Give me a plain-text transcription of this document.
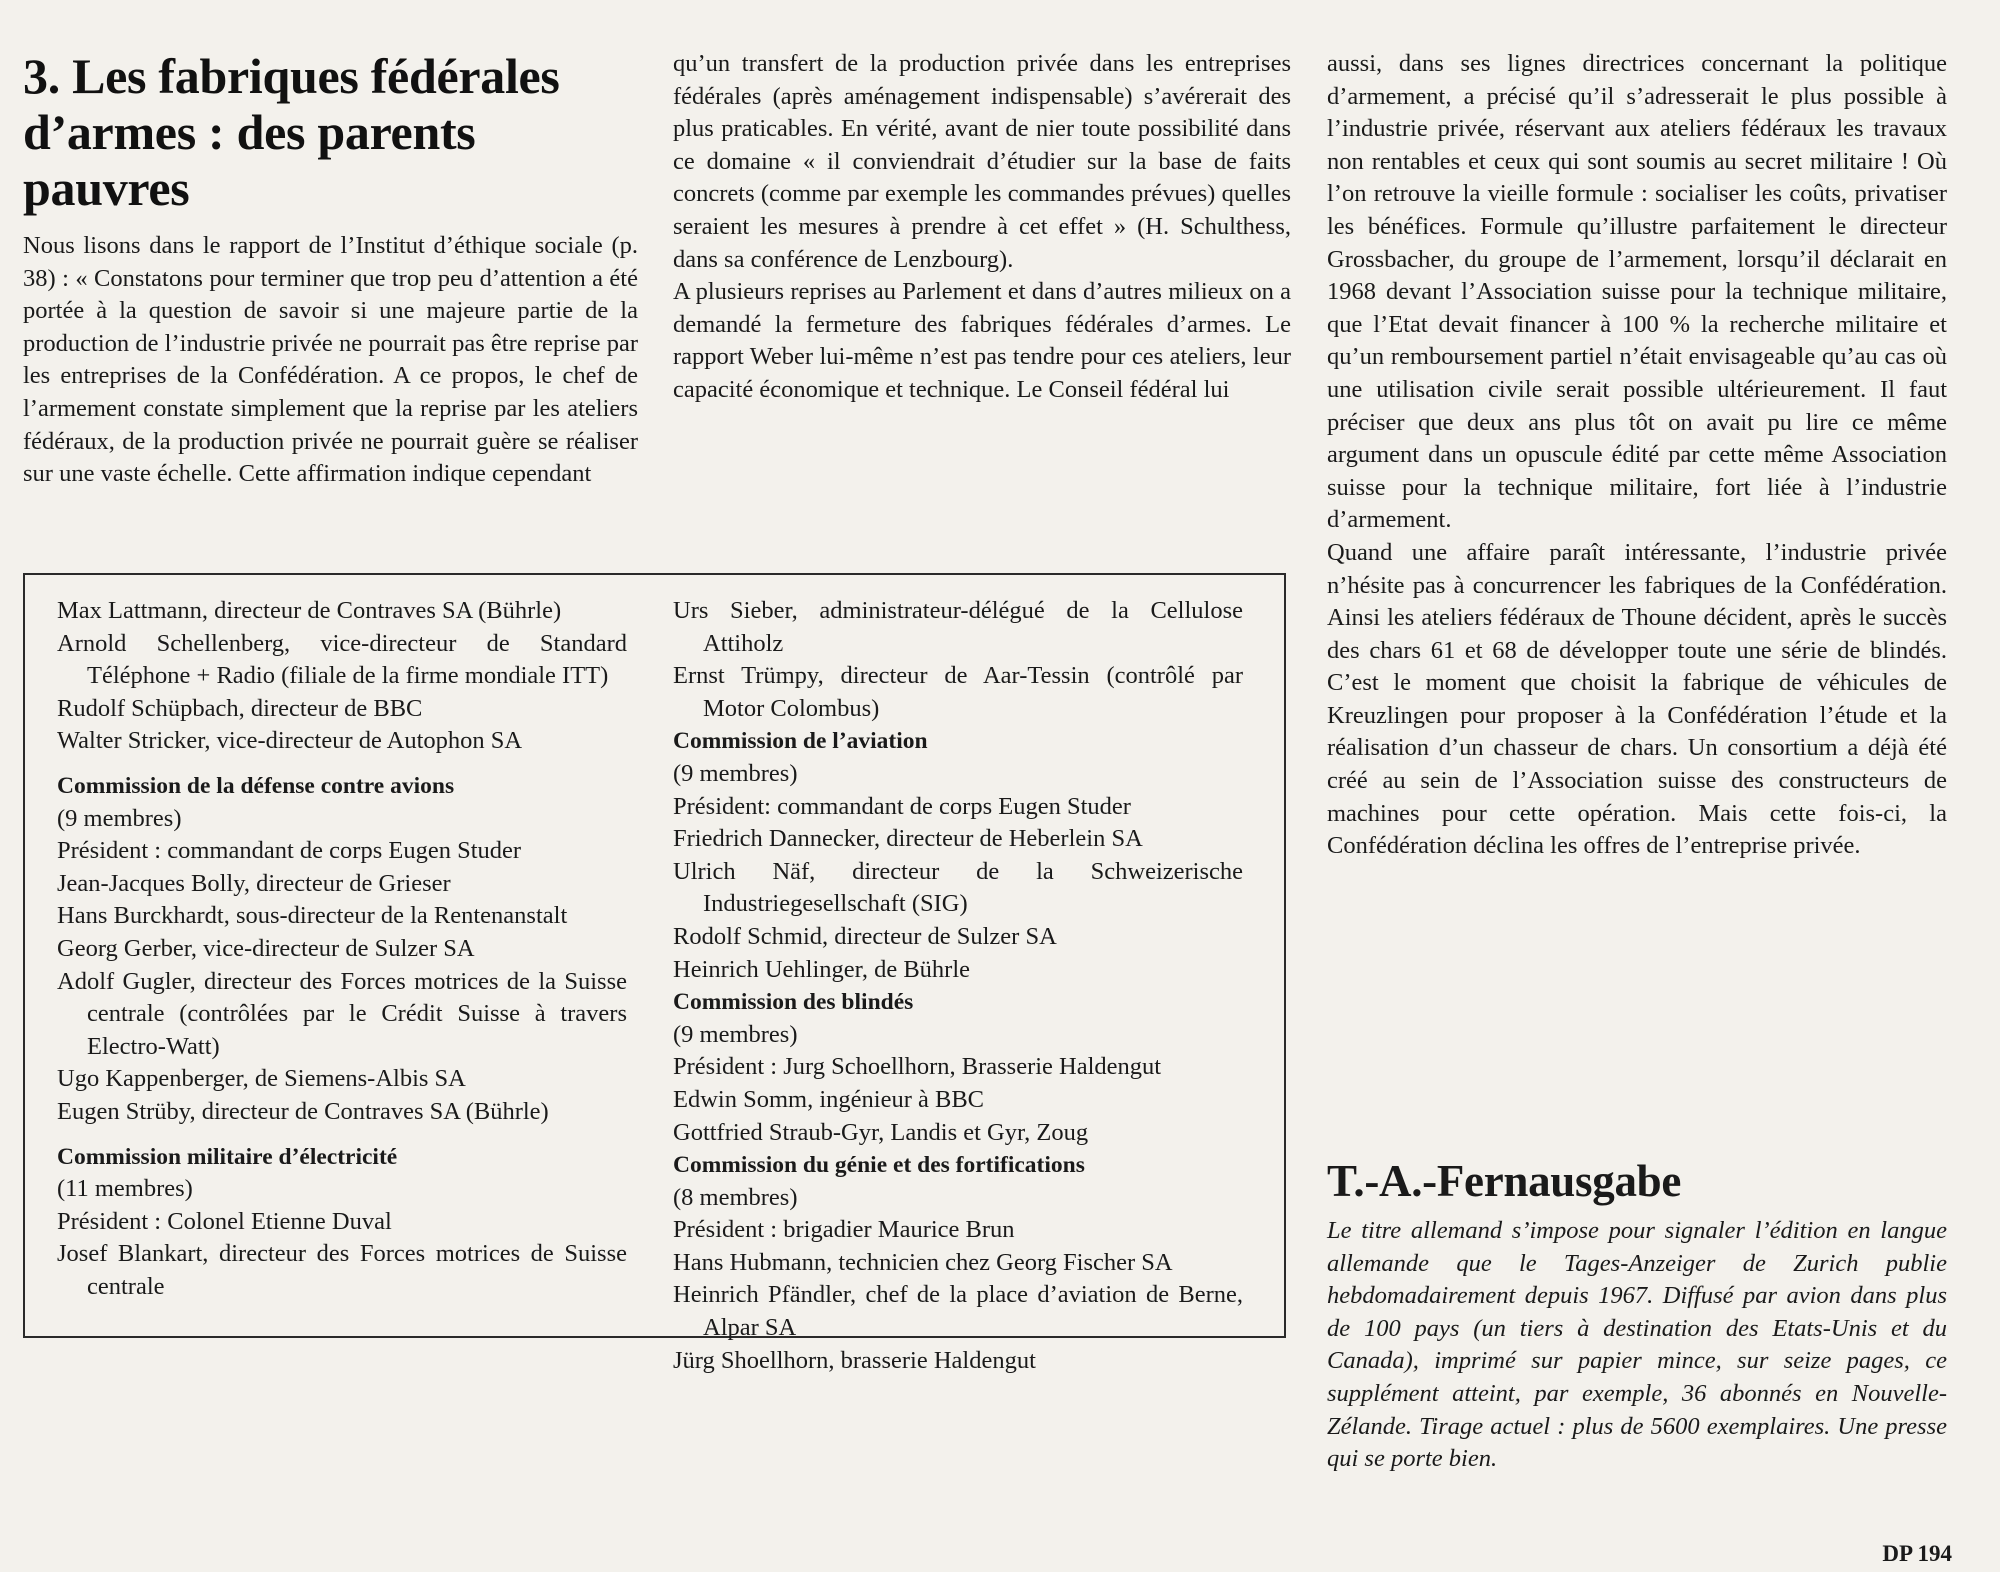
3. Les fabriques fédérales
d’armes : des parents pauvres

Nous lisons dans le rapport de l’Institut d’éthique sociale (p. 38) : « Constatons pour terminer que trop peu d’attention a été portée à la question de savoir si une majeure partie de la production de l’industrie privée ne pourrait pas être reprise par les entreprises de la Confédération. A ce propos, le chef de l’armement constate simplement que la reprise par les ateliers fédéraux, de la production privée ne pourrait guère se réaliser sur une vaste échelle. Cette affirmation indique cependant

qu’un transfert de la production privée dans les entreprises fédérales (après aménagement indispensable) s’avérerait des plus praticables. En vérité, avant de nier toute possibilité dans ce domaine « il conviendrait d’étudier sur la base de faits concrets (comme par exemple les commandes prévues) quelles seraient les mesures à prendre à cet effet » (H. Schulthess, dans sa conférence de Lenzbourg).

A plusieurs reprises au Parlement et dans d’autres milieux on a demandé la fermeture des fabriques fédérales d’armes. Le rapport Weber lui-même n’est pas tendre pour ces ateliers, leur capacité économique et technique. Le Conseil fédéral lui

aussi, dans ses lignes directrices concernant la politique d’armement, a précisé qu’il s’adresserait le plus possible à l’industrie privée, réservant aux ateliers fédéraux les travaux non rentables et ceux qui sont soumis au secret militaire ! Où l’on retrouve la vieille formule : socialiser les coûts, privatiser les bénéfices. Formule qu’illustre parfaitement le directeur Grossbacher, du groupe de l’armement, lorsqu’il déclarait en 1968 devant l’Association suisse pour la technique militaire, que l’Etat devait financer à 100 % la recherche militaire et qu’un remboursement partiel n’était envisageable qu’au cas où une utilisation civile serait possible ultérieurement. Il faut préciser que deux ans plus tôt on avait pu lire ce même argument dans un opuscule édité par cette même Association suisse pour la technique militaire, fort liée à l’industrie d’armement.

Quand une affaire paraît intéressante, l’industrie privée n’hésite pas à concurrencer les fabriques de la Confédération. Ainsi les ateliers fédéraux de Thoune décident, après le succès des chars 61 et 68 de développer toute une série de blindés. C’est le moment que choisit la fabrique de véhicules de Kreuzlingen pour proposer à la Confédération l’étude et la réalisation d’un chasseur de chars. Un consortium a déjà été créé au sein de l’Association suisse des constructeurs de machines pour cette opération. Mais cette fois-ci, la Confédération déclina les offres de l’entreprise privée.

Max Lattmann, directeur de Contraves SA (Bührle)

Arnold Schellenberg, vice-directeur de Standard Téléphone + Radio (filiale de la firme mondiale ITT)

Rudolf Schüpbach, directeur de BBC

Walter Stricker, vice-directeur de Autophon SA

Commission de la défense contre avions

(9 membres)

Président : commandant de corps Eugen Studer

Jean-Jacques Bolly, directeur de Grieser

Hans Burckhardt, sous-directeur de la Rentenanstalt

Georg Gerber, vice-directeur de Sulzer SA

Adolf Gugler, directeur des Forces motrices de la Suisse centrale (contrôlées par le Crédit Suisse à travers Electro-Watt)

Ugo Kappenberger, de Siemens-Albis SA

Eugen Strüby, directeur de Contraves SA (Bührle)

Commission militaire d’électricité

(11 membres)

Président : Colonel Etienne Duval

Josef Blankart, directeur des Forces motrices de Suisse centrale

Urs Sieber, administrateur-délégué de la Cellulose Attiholz

Ernst Trümpy, directeur de Aar-Tessin (contrôlé par Motor Colombus)

Commission de l’aviation

(9 membres)

Président: commandant de corps Eugen Studer

Friedrich Dannecker, directeur de Heberlein SA

Ulrich Näf, directeur de la Schweizerische Industriegesellschaft (SIG)

Rodolf Schmid, directeur de Sulzer SA

Heinrich Uehlinger, de Bührle

Commission des blindés

(9 membres)

Président : Jurg Schoellhorn, Brasserie Haldengut

Edwin Somm, ingénieur à BBC

Gottfried Straub-Gyr, Landis et Gyr, Zoug

Commission du génie et des fortifications

(8 membres)

Président : brigadier Maurice Brun

Hans Hubmann, technicien chez Georg Fischer SA

Heinrich Pfändler, chef de la place d’aviation de Berne, Alpar SA

Jürg Shoellhorn, brasserie Haldengut

T.-A.-Fernausgabe

Le titre allemand s’impose pour signaler l’édition en langue allemande que le Tages-Anzeiger de Zurich publie hebdomadairement depuis 1967. Diffusé par avion dans plus de 100 pays (un tiers à destination des Etats-Unis et du Canada), imprimé sur papier mince, sur seize pages, ce supplément atteint, par exemple, 36 abonnés en Nouvelle-Zélande. Tirage actuel : plus de 5600 exemplaires. Une presse qui se porte bien.

DP 194
